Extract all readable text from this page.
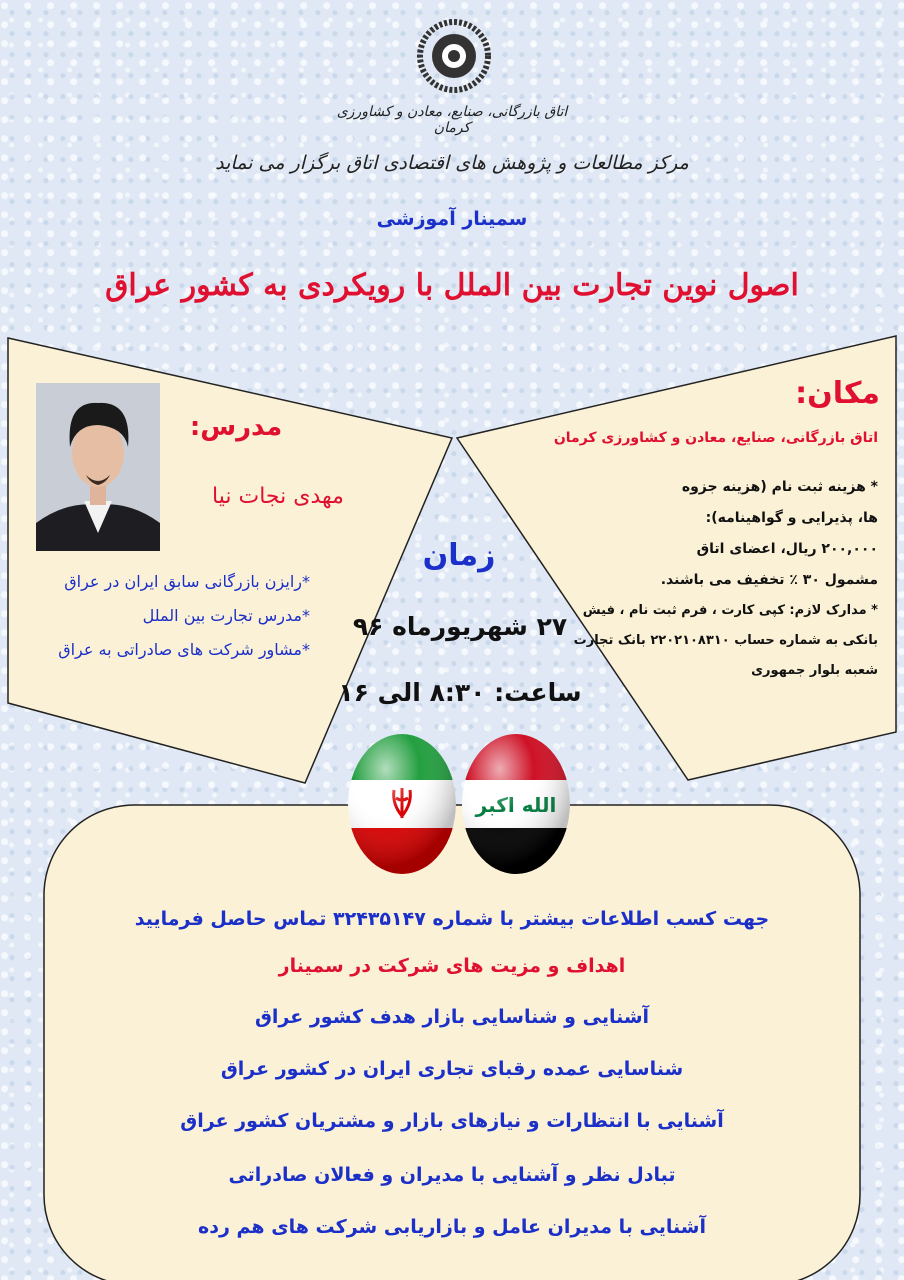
اتاق بازرگانی، صنایع، معادن و کشاورزی کرمان
مرکز مطالعات و پژوهش های اقتصادی اتاق برگزار می نماید
سمینار آموزشی
اصول نوین تجارت بین الملل با رویکردی به کشور عراق
مدرس:
مهدی نجات نیا
*رایزن بازرگانی سابق ایران در عراق
*مدرس تجارت بین الملل
*مشاور شرکت های صادراتی به عراق
زمان
۲۷ شهریورماه ۹۶
ساعت: ۸:۳۰ الی ۱۶
مکان:
اتاق بازرگانی، صنایع، معادن و کشاورزی کرمان
* هزینه ثبت نام (هزینه جزوه ها، پذیرایی و گواهینامه): ۲۰۰,۰۰۰ ریال، اعضای اتاق مشمول ۳۰ ٪ تخفیف می باشند.
* مدارک لازم: کپی کارت ، فرم ثبت نام ، فیش بانکی به شماره حساب ۲۲۰۲۱۰۸۳۱۰ بانک تجارت شعبه بلوار جمهوری
جهت کسب اطلاعات بیشتر با شماره ۳۲۴۳۵۱۴۷ تماس حاصل فرمایید
اهداف و مزیت های شرکت در سمینار
آشنایی و شناسایی بازار هدف کشور عراق
شناسایی عمده رقبای تجاری ایران در کشور عراق
آشنایی با انتظارات و نیازهای بازار و مشتریان کشور عراق
تبادل نظر و آشنایی با مدیران و فعالان صادراتی
آشنایی با مدیران عامل و بازاریابی شرکت های هم رده
